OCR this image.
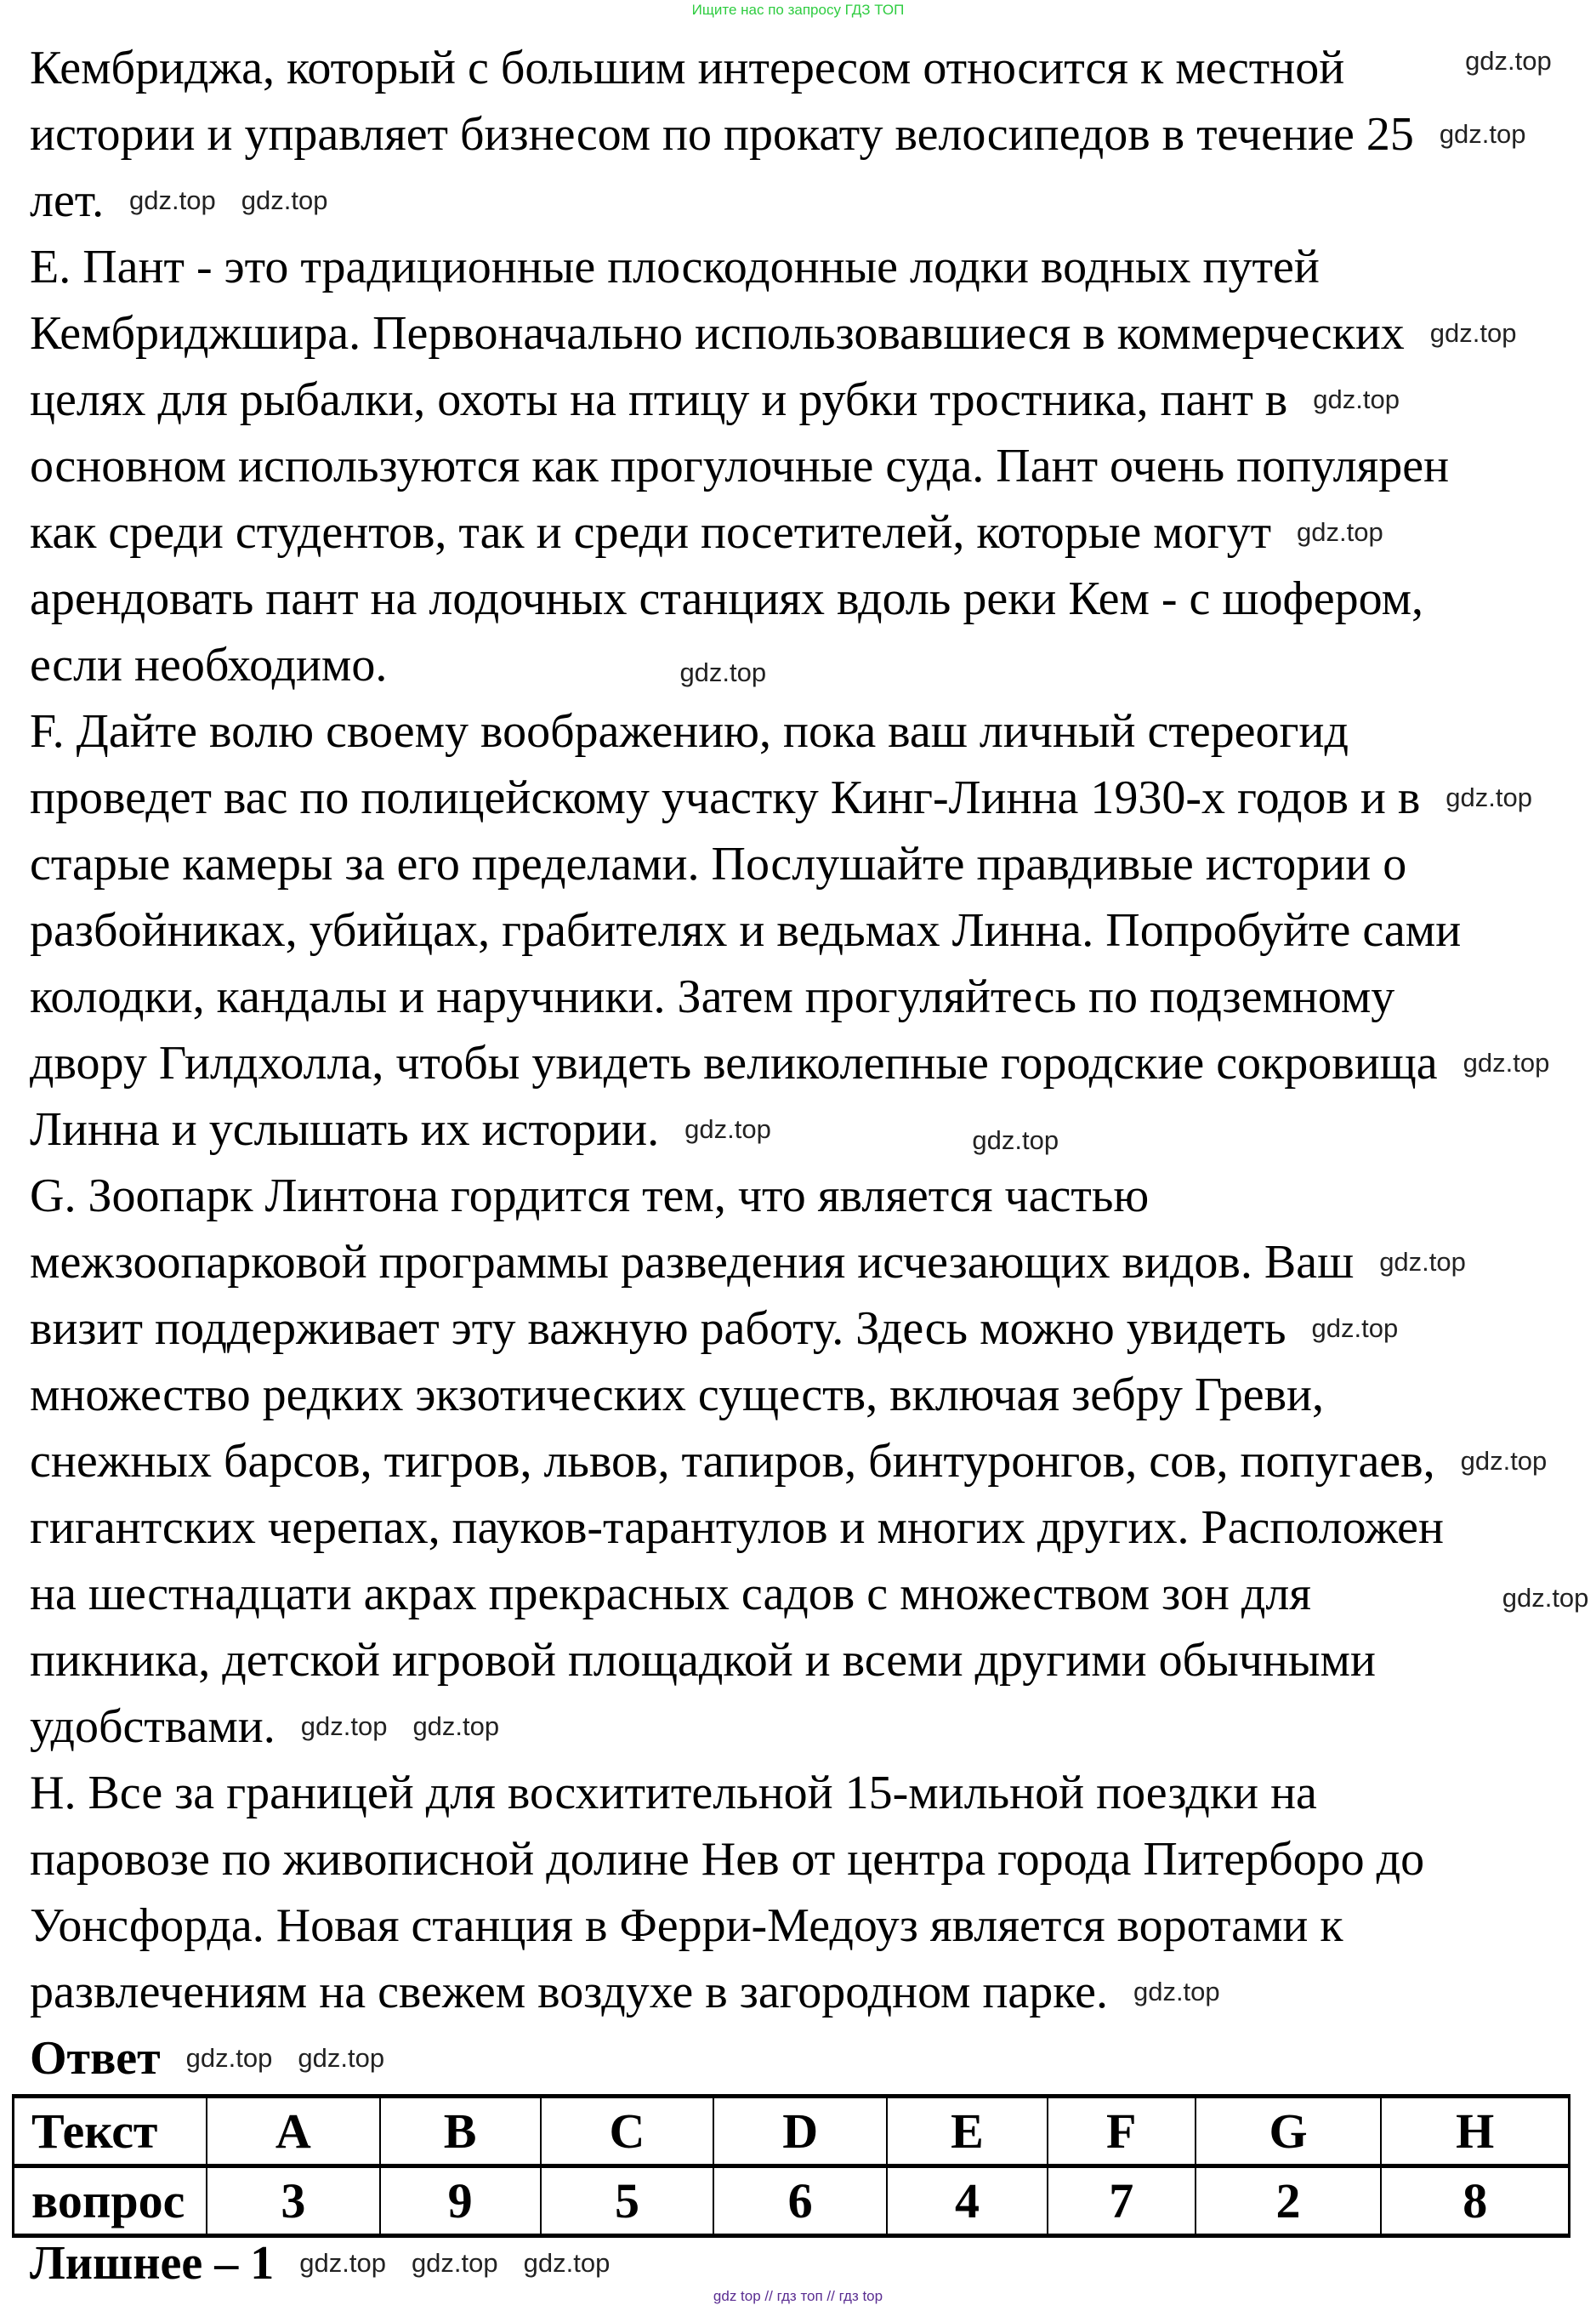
Ищите нас по запросу ГДЗ ТОП
Кембриджа, который с большим интересом относится к местной
истории и управляет бизнесом по прокату велосипедов в течение 25
лет.
E. Пант - это традиционные плоскодонные лодки водных путей
Кембриджшира. Первоначально использовавшиеся в коммерческих
целях для рыбалки, охоты на птицу и рубки тростника, пант в
основном используются как прогулочные суда. Пант очень популярен
как среди студентов, так и среди посетителей, которые могут
арендовать пант на лодочных станциях вдоль реки Кем - с шофером,
если необходимо.
F. Дайте волю своему воображению, пока ваш личный стереогид
проведет вас по полицейскому участку Кинг-Линна 1930-х годов и в
старые камеры за его пределами. Послушайте правдивые истории о
разбойниках, убийцах, грабителях и ведьмах Линна. Попробуйте сами
колодки, кандалы и наручники. Затем прогуляйтесь по подземному
двору Гилдхолла, чтобы увидеть великолепные городские сокровища
Линна и услышать их истории.
G. Зоопарк Линтона гордится тем, что является частью
межзоопарковой программы разведения исчезающих видов. Ваш
визит поддерживает эту важную работу. Здесь можно увидеть
множество редких экзотических существ, включая зебру Греви,
снежных барсов, тигров, львов, тапиров, бинтуронгов, сов, попугаев,
гигантских черепах, пауков-тарантулов и многих других. Расположен
на шестнадцати акрах прекрасных садов с множеством зон для
пикника, детской игровой площадкой и всеми другими обычными
удобствами.
H. Все за границей для восхитительной 15-мильной поездки на
паровозе по живописной долине Нев от центра города Питерборо до
Уонсфорда. Новая станция в Ферри-Медоуз является воротами к
развлечениям на свежем воздухе в загородном парке.
Ответ
Текст	A	B	C	D	E	F	G	H
вопрос	3	9	5	6	4	7	2	8
Лишнее – 1
gdz.top
gdz.top
gdz.top gdz.top
gdz.top
gdz.top
gdz.top
gdz.top
gdz.top
gdz.top
gdz.top	gdz.top
gdz.top
gdz.top
gdz.top
gdz.top
gdz.top gdz.top
gdz.top
gdz.top gdz.top
gdz.top gdz.top gdz.top
gdz top // гдз топ // гдз top
